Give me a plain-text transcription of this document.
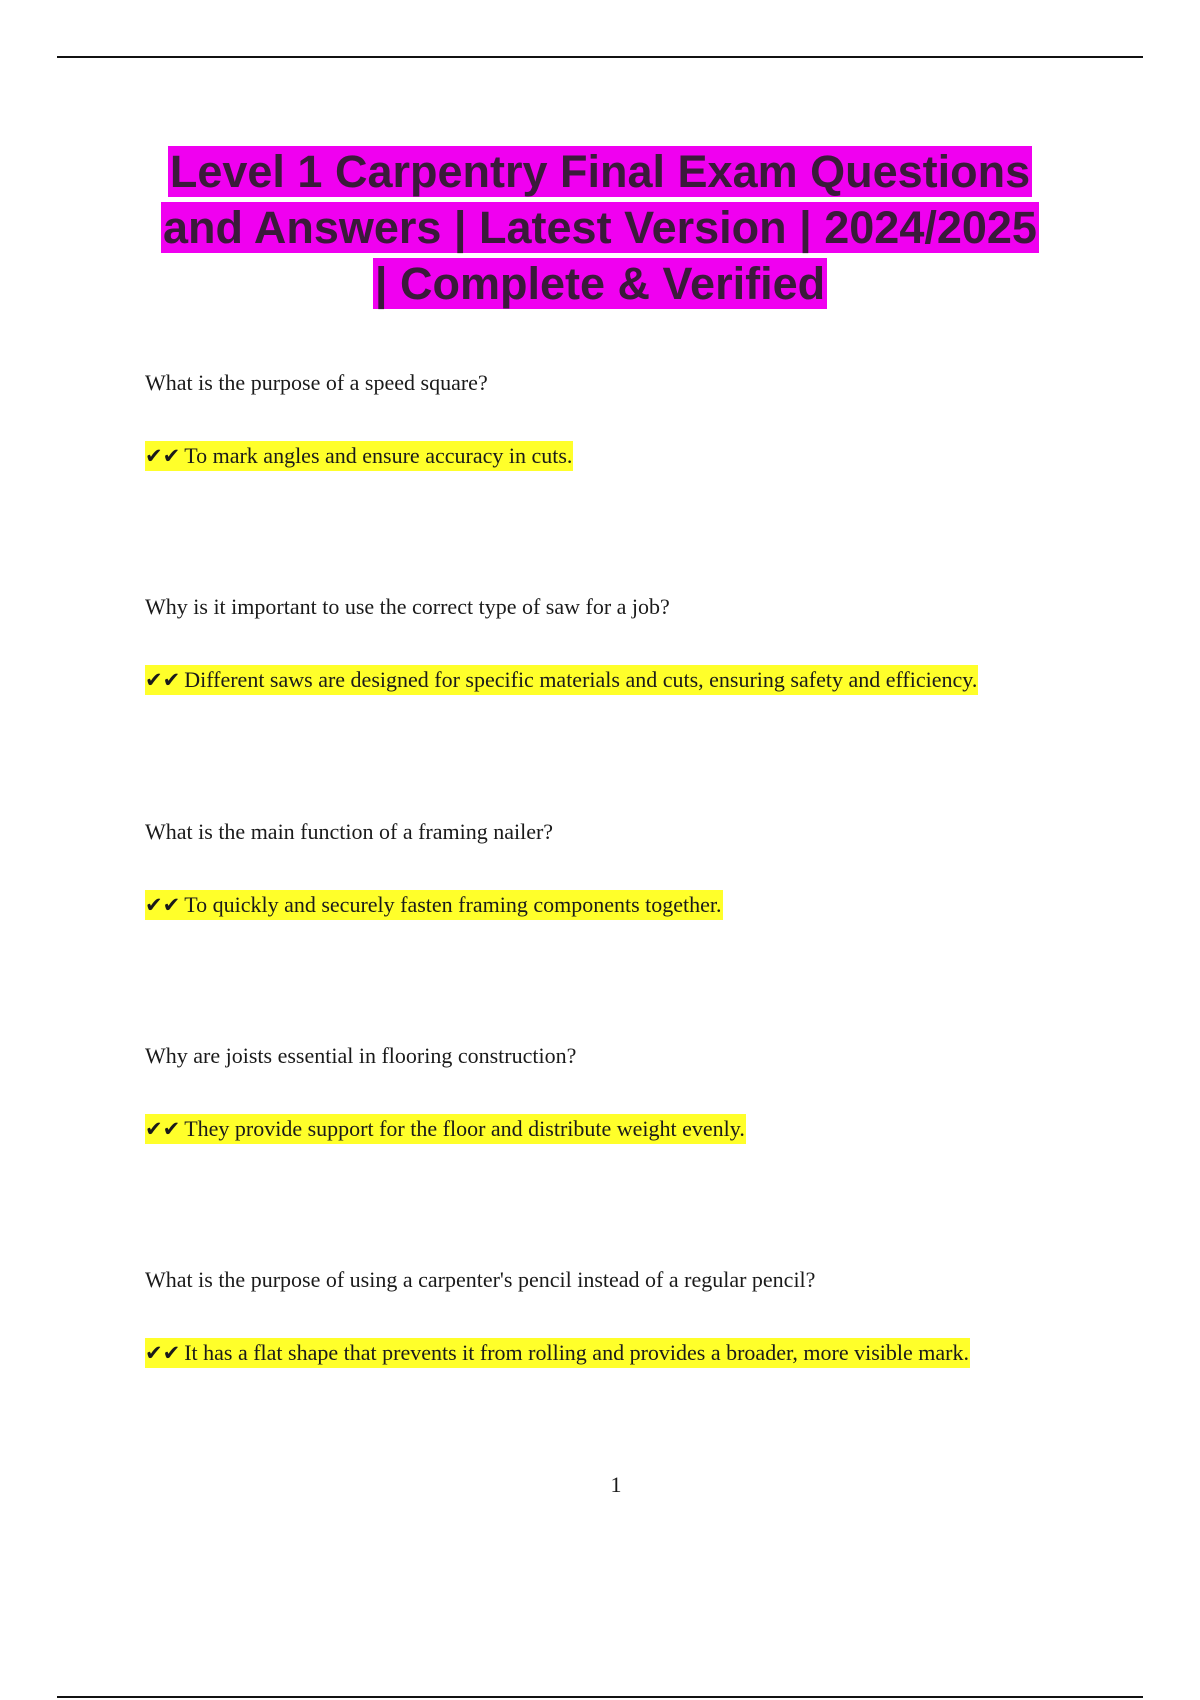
Level 1 Carpentry Final Exam Questions
and Answers | Latest Version | 2024/2025
| Complete & Verified

What is the purpose of a speed square?

✔✔ To mark angles and ensure accuracy in cuts.

Why is it important to use the correct type of saw for a job?

✔✔ Different saws are designed for specific materials and cuts, ensuring safety and efficiency.

What is the main function of a framing nailer?

✔✔ To quickly and securely fasten framing components together.

Why are joists essential in flooring construction?

✔✔ They provide support for the floor and distribute weight evenly.

What is the purpose of using a carpenter's pencil instead of a regular pencil?

✔✔ It has a flat shape that prevents it from rolling and provides a broader, more visible mark.

1
